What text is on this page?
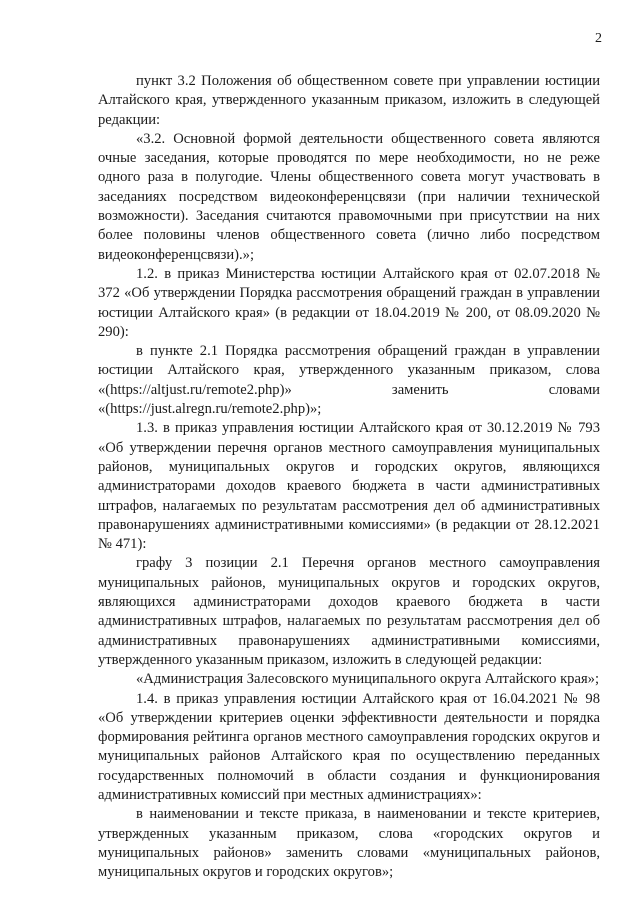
2

пункт 3.2 Положения об общественном совете при управлении юстиции Алтайского края, утвержденного указанным приказом, изложить в следующей редакции:

«3.2. Основной формой деятельности общественного совета являются очные заседания, которые проводятся по мере необходимости, но не реже одного раза в полугодие. Члены общественного совета могут участвовать в заседаниях посредством видеоконференцсвязи (при наличии технической возможности). Заседания считаются правомочными при присутствии на них более половины членов общественного совета (лично либо посредством видеоконференцсвязи).»;

1.2. в приказ Министерства юстиции Алтайского края от 02.07.2018 № 372 «Об утверждении Порядка рассмотрения обращений граждан в управлении юстиции Алтайского края» (в редакции от 18.04.2019 № 200, от 08.09.2020 № 290):

в пункте 2.1 Порядка рассмотрения обращений граждан в управлении юстиции Алтайского края, утвержденного указанным приказом, слова «(https://altjust.ru/remote2.php)» заменить словами «(https://just.alregn.ru/remote2.php)»;

1.3. в приказ управления юстиции Алтайского края от 30.12.2019 № 793 «Об утверждении перечня органов местного самоуправления муниципальных районов, муниципальных округов и городских округов, являющихся администраторами доходов краевого бюджета в части административных штрафов, налагаемых по результатам рассмотрения дел об административных правонарушениях административными комиссиями» (в редакции от 28.12.2021 № 471):

графу 3 позиции 2.1 Перечня органов местного самоуправления муниципальных районов, муниципальных округов и городских округов, являющихся администраторами доходов краевого бюджета в части административных штрафов, налагаемых по результатам рассмотрения дел об административных правонарушениях административными комиссиями, утвержденного указанным приказом, изложить в следующей редакции:

«Администрация Залесовского муниципального округа Алтайского края»;

1.4. в приказ управления юстиции Алтайского края от 16.04.2021 № 98 «Об утверждении критериев оценки эффективности деятельности и порядка формирования рейтинга органов местного самоуправления городских округов и муниципальных районов Алтайского края по осуществлению переданных государственных полномочий в области создания и функционирования административных комиссий при местных администрациях»:

в наименовании и тексте приказа, в наименовании и тексте критериев, утвержденных указанным приказом, слова «городских округов и муниципальных районов» заменить словами «муниципальных районов, муниципальных округов и городских округов»;
